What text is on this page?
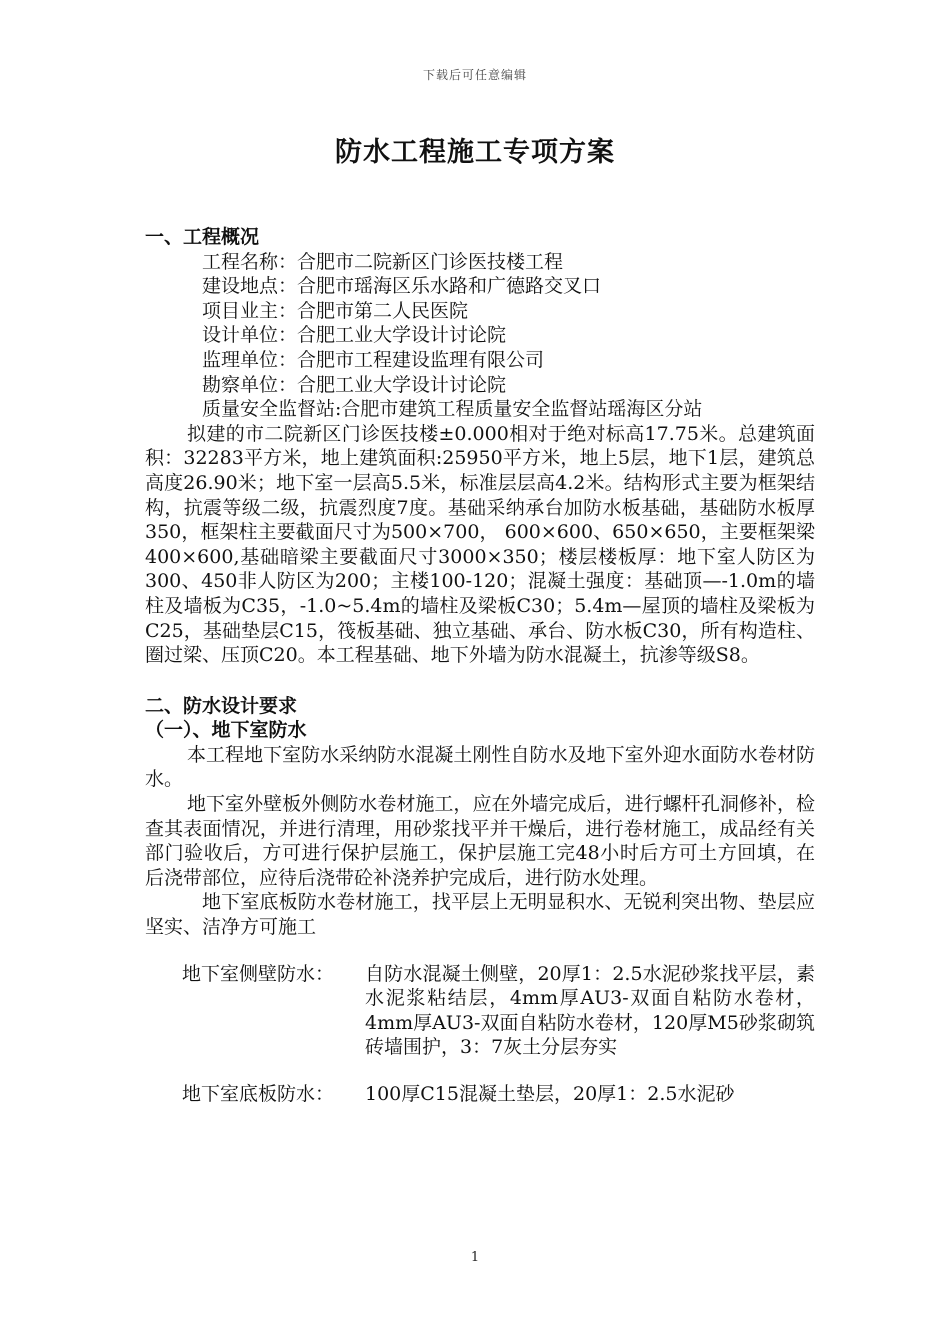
下载后可任意编辑
防水工程施工专项方案

一、工程概况

工程名称：合肥市二院新区门诊医技楼工程

建设地点：合肥市瑶海区乐水路和广德路交叉口

项目业主：合肥市第二人民医院

设计单位：合肥工业大学设计讨论院

监理单位：合肥市工程建设监理有限公司

勘察单位：合肥工业大学设计讨论院

质量安全监督站:合肥市建筑工程质量安全监督站瑶海区分站

拟建的市二院新区门诊医技楼±0.000相对于绝对标高17.75米。总建筑面积：32283平方米，地上建筑面积:25950平方米，地上5层，地下1层，建筑总高度26.90米；地下室一层高5.5米，标准层层高4.2米。结构形式主要为框架结构，抗震等级二级，抗震烈度7度。基础采纳承台加防水板基础，基础防水板厚350，框架柱主要截面尺寸为500×700， 600×600、650×650，主要框架梁400×600,基础暗梁主要截面尺寸3000×350；楼层楼板厚：地下室人防区为300、450非人防区为200；主楼100-120；混凝土强度：基础顶—-1.0m的墙柱及墙板为C35，-1.0~5.4m的墙柱及梁板C30；5.4m—屋顶的墙柱及梁板为C25，基础垫层C15，筏板基础、独立基础、承台、防水板C30，所有构造柱、圈过梁、压顶C20。本工程基础、地下外墙为防水混凝土，抗渗等级S8。

二、防水设计要求

（一）、地下室防水

本工程地下室防水采纳防水混凝土刚性自防水及地下室外迎水面防水卷材防水。

地下室外壁板外侧防水卷材施工，应在外墙完成后，进行螺杆孔洞修补，检查其表面情况，并进行清理，用砂浆找平并干燥后，进行卷材施工，成品经有关部门验收后，方可进行保护层施工，保护层施工完48小时后方可土方回填，在后浇带部位，应待后浇带砼补浇养护完成后，进行防水处理。

地下室底板防水卷材施工，找平层上无明显积水、无锐利突出物、垫层应坚实、洁净方可施工

地下室侧壁防水：	自防水混凝土侧壁，20厚1：2.5水泥砂浆找平层，素水泥浆粘结层，4mm厚AU3-双面自粘防水卷材，4mm厚AU3-双面自粘防水卷材，120厚M5砂浆砌筑砖墙围护，3：7灰土分层夯实
地下室底板防水：	100厚C15混凝土垫层，20厚1：2.5水泥砂
1
